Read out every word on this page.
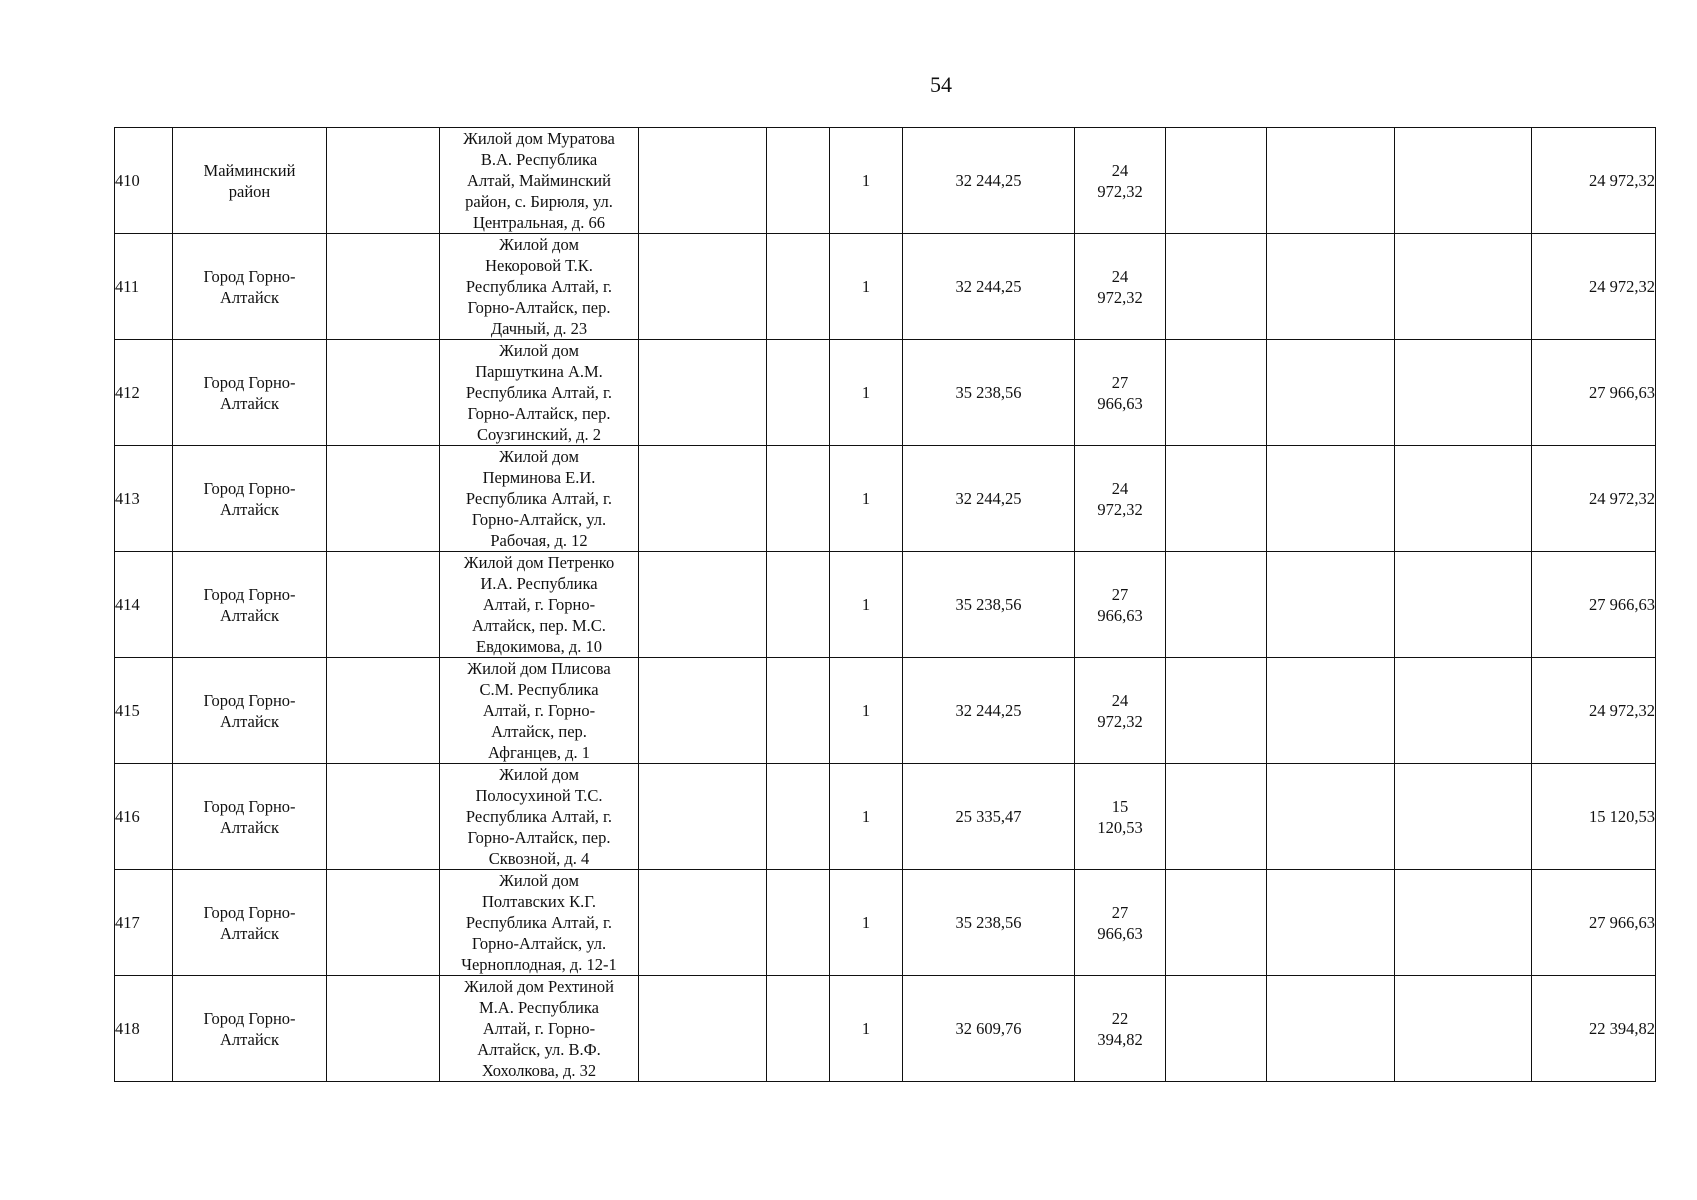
54
410	Майминский
район		Жилой дом Муратова
В.А. Республика
Алтай, Майминский
район, с. Бирюля, ул.
Центральная, д. 66			1	32 244,25	24
972,32				24 972,32
411	Город Горно-
Алтайск		Жилой дом
Некоровой Т.К.
Республика Алтай, г.
Горно-Алтайск, пер.
Дачный, д. 23			1	32 244,25	24
972,32				24 972,32
412	Город Горно-
Алтайск		Жилой дом
Паршуткина А.М.
Республика Алтай, г.
Горно-Алтайск, пер.
Соузгинский, д. 2			1	35 238,56	27
966,63				27 966,63
413	Город Горно-
Алтайск		Жилой дом
Перминова Е.И.
Республика Алтай, г.
Горно-Алтайск, ул.
Рабочая, д. 12			1	32 244,25	24
972,32				24 972,32
414	Город Горно-
Алтайск		Жилой дом Петренко
И.А. Республика
Алтай, г. Горно-
Алтайск, пер. М.С.
Евдокимова, д. 10			1	35 238,56	27
966,63				27 966,63
415	Город Горно-
Алтайск		Жилой дом Плисова
С.М. Республика
Алтай, г. Горно-
Алтайск, пер.
Афганцев, д. 1			1	32 244,25	24
972,32				24 972,32
416	Город Горно-
Алтайск		Жилой дом
Полосухиной Т.С.
Республика Алтай, г.
Горно-Алтайск, пер.
Сквозной, д. 4			1	25 335,47	15
120,53				15 120,53
417	Город Горно-
Алтайск		Жилой дом
Полтавских К.Г.
Республика Алтай, г.
Горно-Алтайск, ул.
Черноплодная, д. 12-1			1	35 238,56	27
966,63				27 966,63
418	Город Горно-
Алтайск		Жилой дом Рехтиной
М.А. Республика
Алтай, г. Горно-
Алтайск, ул. В.Ф.
Хохолкова, д. 32			1	32 609,76	22
394,82				22 394,82
